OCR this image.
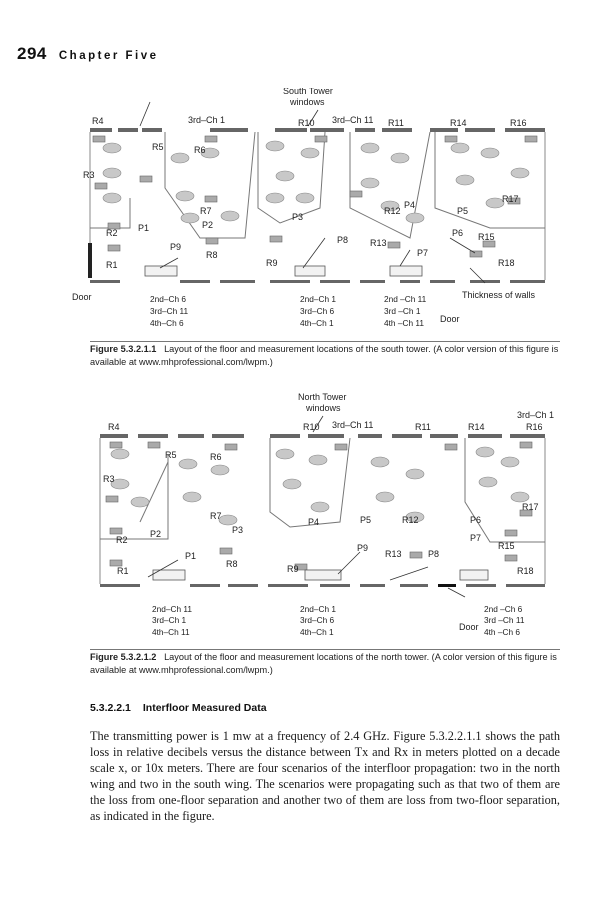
294 Chapter Five
South Tower
windows
3rd–Ch 1	3rd–Ch 11
R4	R10	R11	R14	R16
R3
R2
R1
R5	R6
R7
R8
R9
R12
R13
R15
R17
R18
P1	P2
P3
P4
P5
P6
P7
P8
P9
Door
Door
Thickness of walls
2nd–Ch 6
3rd–Ch 11
4th–Ch 6
2nd–Ch 1
3rd–Ch 6
4th–Ch 1
2nd –Ch 11
3rd –Ch 1
4th –Ch 11
Figure 5.3.2.1.1 Layout of the floor and measurement locations of the south tower. (A color version of this figure is available at www.mhprofessional.com/lwpm.)
North Tower
windows
3rd–Ch 11
3rd–Ch 1
R4	R10	R11	R14	R16
R3
R2
R1
R5	R6
R7
R8	R9
R12
R13
R15
R17
R18
P1
P2	P3
P4	P5	P6
P7
P8
P9
Door
2nd–Ch 11
3rd–Ch 1
4th–Ch 11
2nd–Ch 1
3rd–Ch 6
4th–Ch 1
2nd –Ch 6
3rd –Ch 11
4th –Ch 6
Figure 5.3.2.1.2 Layout of the floor and measurement locations of the north tower. (A color version of this figure is available at www.mhprofessional.com/lwpm.)
5.3.2.2.1 Interfloor Measured Data

The transmitting power is 1 mw at a frequency of 2.4 GHz. Figure 5.3.2.2.1.1 shows the path loss in relative decibels versus the distance between Tx and Rx in meters plotted on a decade scale x, or 10x meters. There are four scenarios of the interfloor propagation: two in the north wing and two in the south wing. The scenarios were propagating such as that two of them are the loss from one-floor separation and another two of them are loss from two-floor separation, as indicated in the figure.
